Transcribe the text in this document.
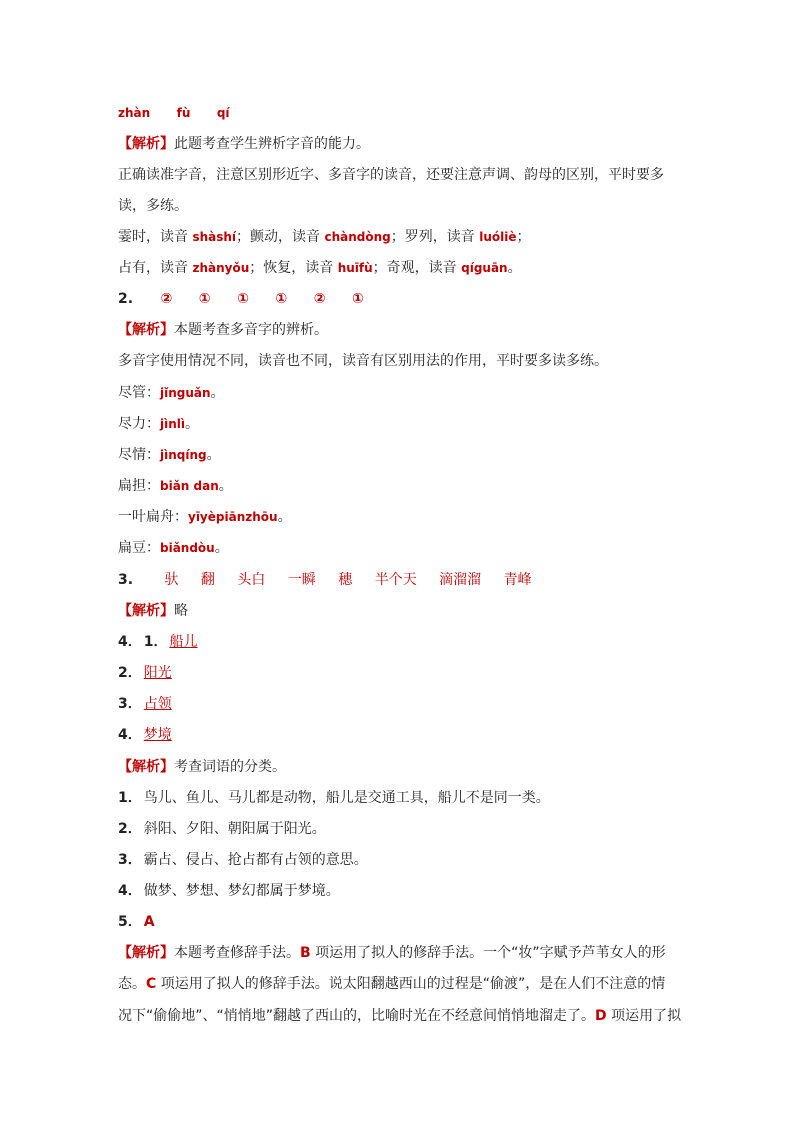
zhàn fù qí
【解析】此题考查学生辨析字音的能力。
正确读准字音，注意区别形近字、多音字的读音，还要注意声调、韵母的区别，平时要多
读，多练。
霎时，读音 shàshí；颤动，读音 chàndòng；罗列，读音 luóliè；
占有，读音 zhànyǒu；恢复，读音 huīfù；奇观，读音 qíguān。
2. ② ① ① ① ② ①
【解析】本题考查多音字的辨析。
多音字使用情况不同，读音也不同，读音有区别用法的作用，平时要多读多练。
尽管：jǐnguǎn。
尽力：jìnlì。
尽情：jìnqíng。
扁担：biǎn dan。
一叶扁舟：yīyèpiānzhōu。
扁豆：biǎndòu。
3. 驮 翻 头白 一瞬 穗 半个天 滴溜溜 青峰
【解析】略
4． 1． 船儿
2． 阳光
3． 占领
4． 梦境
【解析】考查词语的分类。
1． 鸟儿、鱼儿、马儿都是动物，船儿是交通工具，船儿不是同一类。
2． 斜阳、夕阳、朝阳属于阳光。
3． 霸占、侵占、抢占都有占领的意思。
4． 做梦、梦想、梦幻都属于梦境。
5． A
【解析】本题考查修辞手法。B 项运用了拟人的修辞手法。一个“妆”字赋予芦苇女人的形
态。C 项运用了拟人的修辞手法。说太阳翻越西山的过程是“偷渡”，是在人们不注意的情
况下“偷偷地”、“悄悄地”翻越了西山的，比喻时光在不经意间悄悄地溜走了。D 项运用了拟
